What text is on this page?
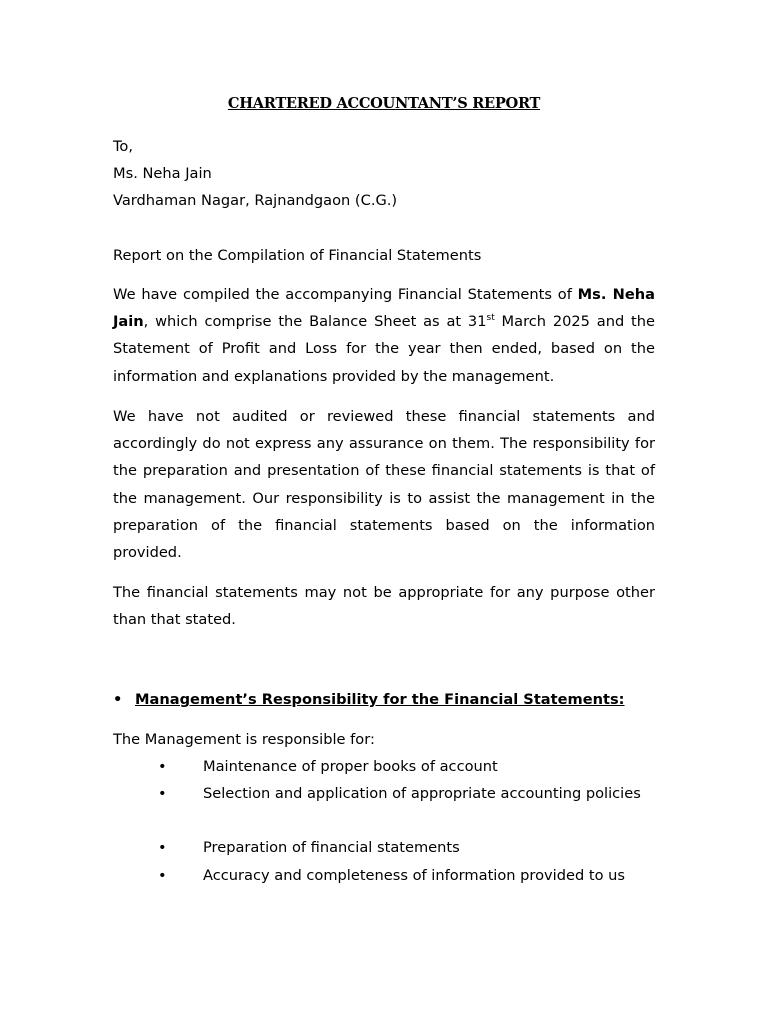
CHARTERED ACCOUNTANT’S REPORT
To,
Ms. Neha Jain
Vardhaman Nagar, Rajnandgaon (C.G.)
Report on the Compilation of Financial Statements
We have compiled the accompanying Financial Statements of Ms. Neha Jain, which comprise the Balance Sheet as at 31st March 2025 and the Statement of Profit and Loss for the year then ended, based on the information and explanations provided by the management.
We have not audited or reviewed these financial statements and accordingly do not express any assurance on them. The responsibility for the preparation and presentation of these financial statements is that of the management. Our responsibility is to assist the management in the preparation of the financial statements based on the information provided.
The financial statements may not be appropriate for any purpose other than that stated.
• Management’s Responsibility for the Financial Statements:
The Management is responsible for:
•	Maintenance of proper books of account
•	Selection and application of appropriate accounting policies
•	Preparation of financial statements
•	Accuracy and completeness of information provided to us
